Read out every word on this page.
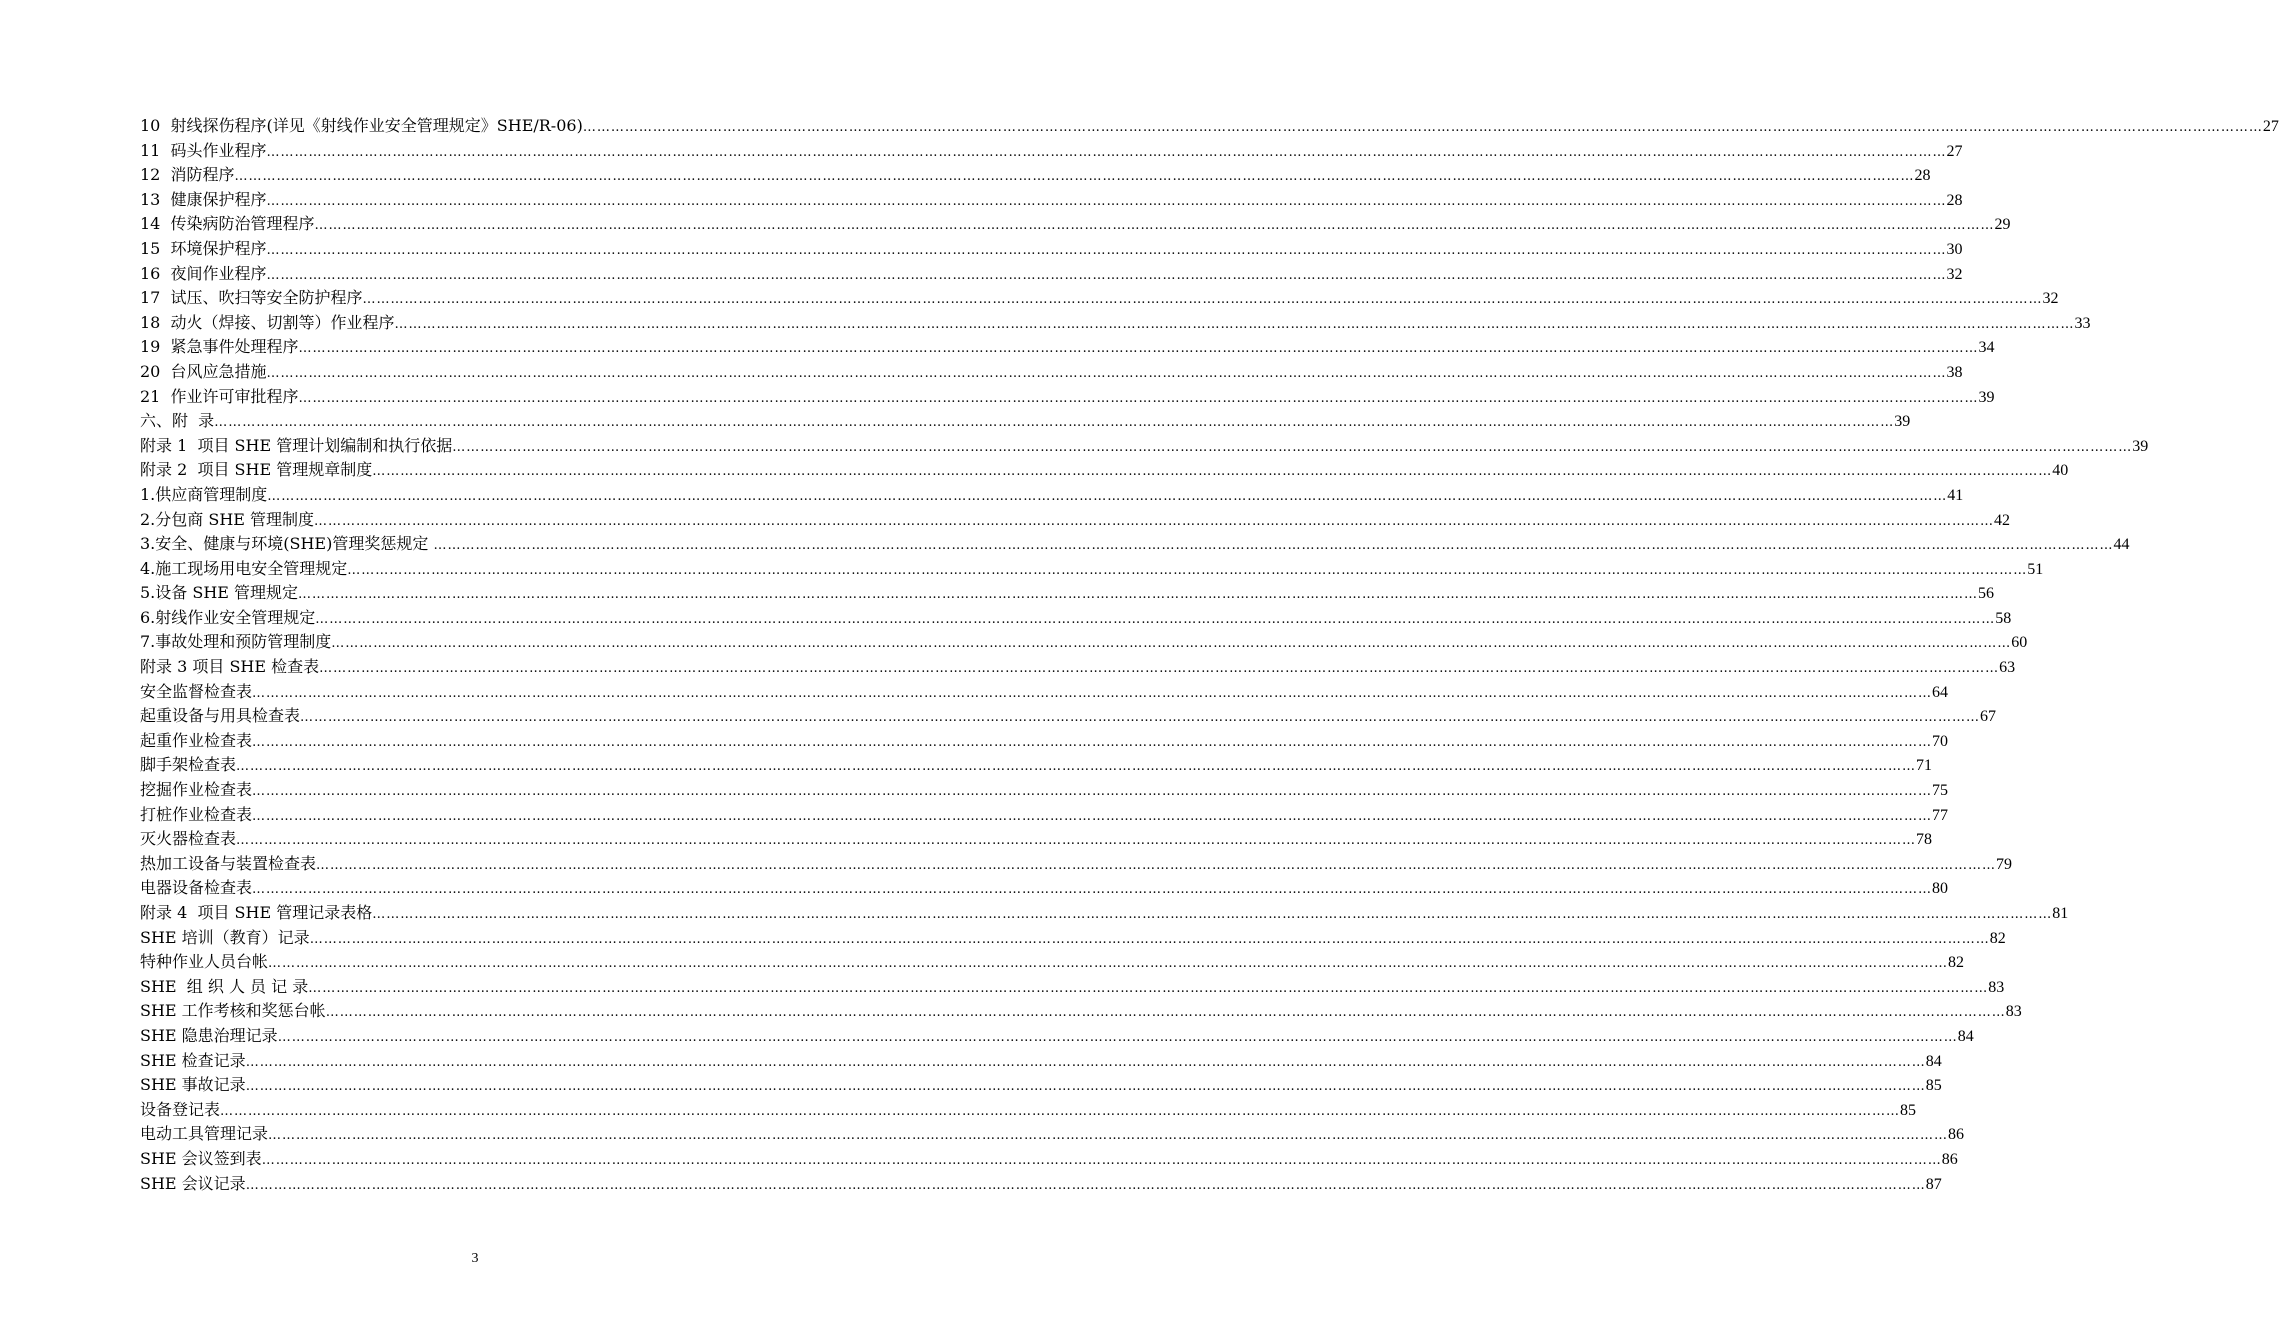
10  射线探伤程序(详见《射线作业安全管理规定》SHE/R-06) ……………………………………………………………………………………………………………………………………………………………………………………………………………………………………………………………………………………………………………………………… 27
11  码头作业程序 ……………………………………………………………………………………………………………………………………………………………………………………………………………………………………………………………………………………………………………………………… 27
12  消防程序 ……………………………………………………………………………………………………………………………………………………………………………………………………………………………………………………………………………………………………………………………… 28
13  健康保护程序 ……………………………………………………………………………………………………………………………………………………………………………………………………………………………………………………………………………………………………………………………… 28
14  传染病防治管理程序 ……………………………………………………………………………………………………………………………………………………………………………………………………………………………………………………………………………………………………………………………… 29
15  环境保护程序 ……………………………………………………………………………………………………………………………………………………………………………………………………………………………………………………………………………………………………………………………… 30
16  夜间作业程序 ……………………………………………………………………………………………………………………………………………………………………………………………………………………………………………………………………………………………………………………………… 32
17  试压、吹扫等安全防护程序 ……………………………………………………………………………………………………………………………………………………………………………………………………………………………………………………………………………………………………………………………… 32
18  动火（焊接、切割等）作业程序 ……………………………………………………………………………………………………………………………………………………………………………………………………………………………………………………………………………………………………………………………… 33
19  紧急事件处理程序 ……………………………………………………………………………………………………………………………………………………………………………………………………………………………………………………………………………………………………………………………… 34
20  台风应急措施 ……………………………………………………………………………………………………………………………………………………………………………………………………………………………………………………………………………………………………………………………… 38
21  作业许可审批程序 ……………………………………………………………………………………………………………………………………………………………………………………………………………………………………………………………………………………………………………………………… 39
六、附  录 ……………………………………………………………………………………………………………………………………………………………………………………………………………………………………………………………………………………………………………………………… 39
附录 1  项目 SHE 管理计划编制和执行依据 ……………………………………………………………………………………………………………………………………………………………………………………………………………………………………………………………………………………………………………………………… 39
附录 2  项目 SHE 管理规章制度 ……………………………………………………………………………………………………………………………………………………………………………………………………………………………………………………………………………………………………………………………… 40
1.供应商管理制度 ……………………………………………………………………………………………………………………………………………………………………………………………………………………………………………………………………………………………………………………………… 41
2.分包商 SHE 管理制度 ……………………………………………………………………………………………………………………………………………………………………………………………………………………………………………………………………………………………………………………………… 42
3.安全、健康与环境(SHE)管理奖惩规定 ……………………………………………………………………………………………………………………………………………………………………………………………………………………………………………………………………………………………………………………………… 44
4.施工现场用电安全管理规定 ……………………………………………………………………………………………………………………………………………………………………………………………………………………………………………………………………………………………………………………………… 51
5.设备 SHE 管理规定 ……………………………………………………………………………………………………………………………………………………………………………………………………………………………………………………………………………………………………………………………… 56
6.射线作业安全管理规定 ……………………………………………………………………………………………………………………………………………………………………………………………………………………………………………………………………………………………………………………………… 58
7.事故处理和预防管理制度 ……………………………………………………………………………………………………………………………………………………………………………………………………………………………………………………………………………………………………………………………… 60
附录 3 项目 SHE 检查表 ……………………………………………………………………………………………………………………………………………………………………………………………………………………………………………………………………………………………………………………………… 63
安全监督检查表 ……………………………………………………………………………………………………………………………………………………………………………………………………………………………………………………………………………………………………………………………… 64
起重设备与用具检查表 ……………………………………………………………………………………………………………………………………………………………………………………………………………………………………………………………………………………………………………………………… 67
起重作业检查表 ……………………………………………………………………………………………………………………………………………………………………………………………………………………………………………………………………………………………………………………………… 70
脚手架检查表 ……………………………………………………………………………………………………………………………………………………………………………………………………………………………………………………………………………………………………………………………… 71
挖掘作业检查表 ……………………………………………………………………………………………………………………………………………………………………………………………………………………………………………………………………………………………………………………………… 75
打桩作业检查表 ……………………………………………………………………………………………………………………………………………………………………………………………………………………………………………………………………………………………………………………………… 77
灭火器检查表 ……………………………………………………………………………………………………………………………………………………………………………………………………………………………………………………………………………………………………………………………… 78
热加工设备与装置检查表 ……………………………………………………………………………………………………………………………………………………………………………………………………………………………………………………………………………………………………………………………… 79
电器设备检查表 ……………………………………………………………………………………………………………………………………………………………………………………………………………………………………………………………………………………………………………………………… 80
附录 4  项目 SHE 管理记录表格 ……………………………………………………………………………………………………………………………………………………………………………………………………………………………………………………………………………………………………………………………… 81
SHE 培训（教育）记录 ……………………………………………………………………………………………………………………………………………………………………………………………………………………………………………………………………………………………………………………………… 82
特种作业人员台帐 ……………………………………………………………………………………………………………………………………………………………………………………………………………………………………………………………………………………………………………………………… 82
SHE  组 织 人 员 记 录 ……………………………………………………………………………………………………………………………………………………………………………………………………………………………………………………………………………………………………………………………… 83
SHE 工作考核和奖惩台帐 ……………………………………………………………………………………………………………………………………………………………………………………………………………………………………………………………………………………………………………………………… 83
SHE 隐患治理记录 ……………………………………………………………………………………………………………………………………………………………………………………………………………………………………………………………………………………………………………………………… 84
SHE 检查记录 ……………………………………………………………………………………………………………………………………………………………………………………………………………………………………………………………………………………………………………………………… 84
SHE 事故记录 ……………………………………………………………………………………………………………………………………………………………………………………………………………………………………………………………………………………………………………………………… 85
设备登记表 ……………………………………………………………………………………………………………………………………………………………………………………………………………………………………………………………………………………………………………………………… 85
电动工具管理记录 ……………………………………………………………………………………………………………………………………………………………………………………………………………………………………………………………………………………………………………………………… 86
SHE 会议签到表 ……………………………………………………………………………………………………………………………………………………………………………………………………………………………………………………………………………………………………………………………… 86
SHE 会议记录 ……………………………………………………………………………………………………………………………………………………………………………………………………………………………………………………………………………………………………………………………… 87
3
